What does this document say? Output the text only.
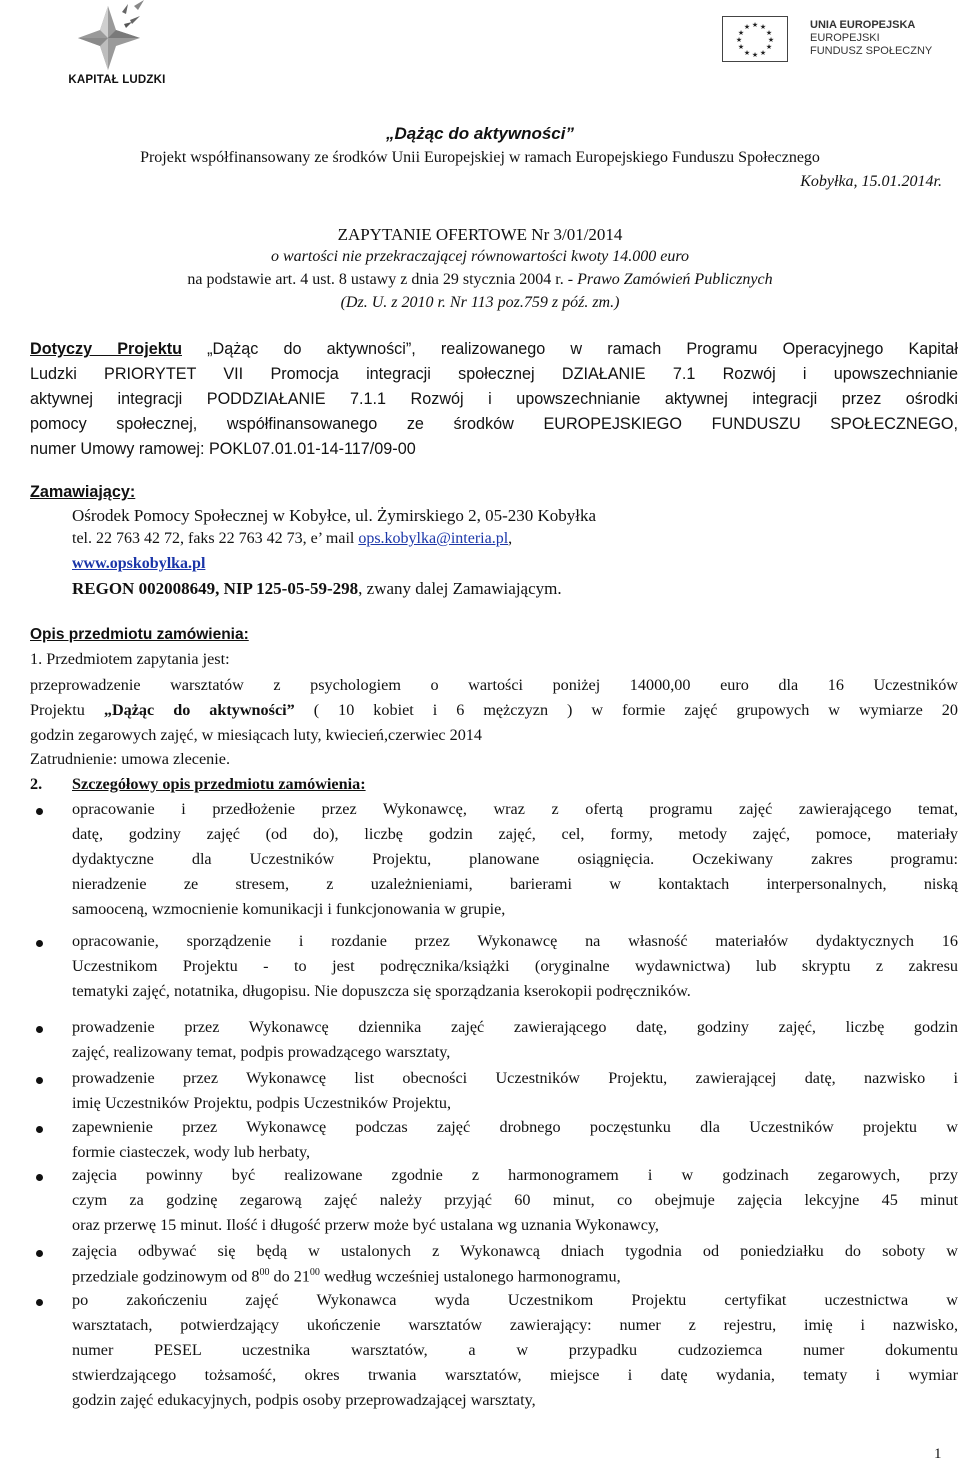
KAPITAŁ LUDZKI
★ ★
★
★
★
★
★
★
★
★
★
★	UNIA EUROPEJSKA
EUROPEJSKI
FUNDUSZ SPOŁECZNY
„Dążąc do aktywności”
Projekt współfinansowany ze środków Unii Europejskiej w ramach Europejskiego Funduszu Społecznego
Kobyłka, 15.01.2014r.
ZAPYTANIE OFERTOWE Nr 3/01/2014
o wartości nie przekraczającej równowartości kwoty 14.000 euro
na podstawie art. 4 ust. 8 ustawy z dnia 29 stycznia 2004 r. - Prawo Zamówień Publicznych
(Dz. U. z 2010 r. Nr 113 poz.759 z póź. zm.)
Dotyczy Projektu „Dążąc do aktywności”, realizowanego w ramach Programu Operacyjnego Kapitał
Ludzki PRIORYTET VII Promocja integracji społecznej DZIAŁANIE 7.1 Rozwój i upowszechnianie
aktywnej integracji PODDZIAŁANIE 7.1.1 Rozwój i upowszechnianie aktywnej integracji przez ośrodki
pomocy społecznej, współfinansowanego ze środków EUROPEJSKIEGO FUNDUSZU SPOŁECZNEGO,
numer Umowy ramowej: POKL07.01.01-14-117/09-00
Zamawiający:
Ośrodek Pomocy Społecznej w Kobyłce, ul. Żymirskiego 2, 05-230 Kobyłka
tel. 22 763 42 72, faks 22 763 42 73, e’ mail ops.kobylka@interia.pl,
www.opskobylka.pl
REGON 002008649, NIP 125-05-59-298, zwany dalej Zamawiającym.
Opis przedmiotu zamówienia:
1. Przedmiotem zapytania jest:
przeprowadzenie warsztatów z psychologiem o wartości poniżej 14000,00 euro dla 16 Uczestników
Projektu „Dążąc do aktywności” ( 10 kobiet i 6 mężczyzn ) w formie zajęć grupowych w wymiarze 20
godzin zegarowych zajęć, w miesiącach luty, kwiecień,czerwiec 2014
Zatrudnienie: umowa zlecenie.
2. Szczegółowy opis przedmiotu zamówienia:
opracowanie i przedłożenie przez Wykonawcę, wraz z ofertą programu zajęć zawierającego temat,
datę, godziny zajęć (od do), liczbę godzin zajęć, cel, formy, metody zajęć, pomoce, materiały
dydaktyczne dla Uczestników Projektu, planowane osiągnięcia. Oczekiwany zakres programu:
nieradzenie ze stresem, z uzależnieniami, barierami w kontaktach interpersonalnych, niską
samooceną, wzmocnienie komunikacji i funkcjonowania w grupie,
opracowanie, sporządzenie i rozdanie przez Wykonawcę na własność materiałów dydaktycznych 16
Uczestnikom Projektu - to jest podręcznika/książki (oryginalne wydawnictwa) lub skryptu z zakresu
tematyki zajęć, notatnika, długopisu. Nie dopuszcza się sporządzania kserokopii podręczników.
prowadzenie przez Wykonawcę dziennika zajęć zawierającego datę, godziny zajęć, liczbę godzin
zajęć, realizowany temat, podpis prowadzącego warsztaty,
prowadzenie przez Wykonawcę list obecności Uczestników Projektu, zawierającej datę, nazwisko i
imię Uczestników Projektu, podpis Uczestników Projektu,
zapewnienie przez Wykonawcę podczas zajęć drobnego poczęstunku dla Uczestników projektu w
formie ciasteczek, wody lub herbaty,
zajęcia powinny być realizowane zgodnie z harmonogramem i w godzinach zegarowych, przy
czym za godzinę zegarową zajęć należy przyjąć 60 minut, co obejmuje zajęcia lekcyjne 45 minut
oraz przerwę 15 minut. Ilość i długość przerw może być ustalana wg uznania Wykonawcy,
zajęcia odbywać się będą w ustalonych z Wykonawcą dniach tygodnia od poniedziałku do soboty w
po zakończeniu zajęć Wykonawca wyda Uczestnikom Projektu certyfikat uczestnictwa w
warsztatach, potwierdzający ukończenie warsztatów zawierający: numer z rejestru, imię i nazwisko,
numer PESEL uczestnika warsztatów, a w przypadku cudzoziemca numer dokumentu
stwierdzającego tożsamość, okres trwania warsztatów, miejsce i datę wydania, tematy i wymiar
godzin zajęć edukacyjnych, podpis osoby przeprowadzającej warsztaty,
przedziale godzinowym od $8^{00}$ do $21^{00}$ według wcześniej ustalonego harmonogramu,
1
